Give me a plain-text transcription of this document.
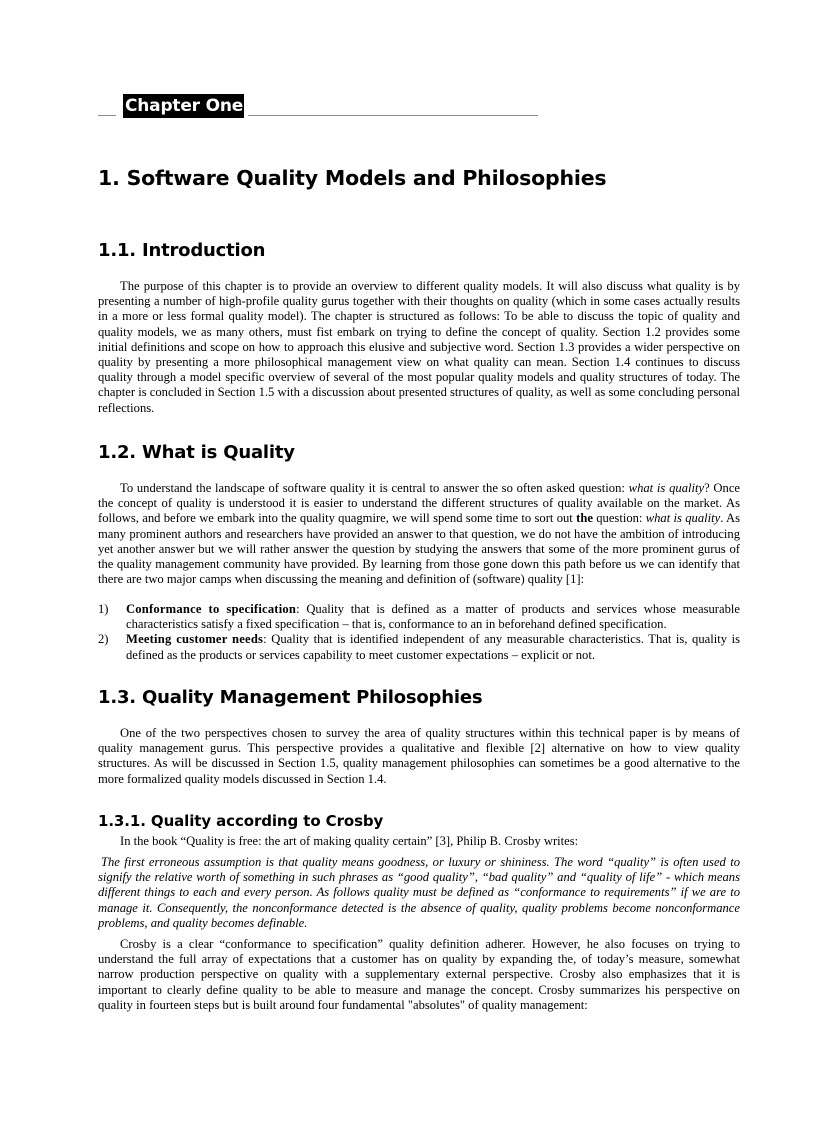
Chapter One
1. Software Quality Models and Philosophies
1.1. Introduction

The purpose of this chapter is to provide an overview to different quality models. It will also discuss what quality is by presenting a number of high-profile quality gurus together with their thoughts on quality (which in some cases actually results in a more or less formal quality model). The chapter is structured as follows: To be able to discuss the topic of quality and quality models, we as many others, must fist embark on trying to define the concept of quality. Section 1.2 provides some initial definitions and scope on how to approach this elusive and subjective word. Section 1.3 provides a wider perspective on quality by presenting a more philosophical management view on what quality can mean. Section 1.4 continues to discuss quality through a model specific overview of several of the most popular quality models and quality structures of today. The chapter is concluded in Section 1.5 with a discussion about presented structures of quality, as well as some concluding personal reflections.

1.2. What is Quality

To understand the landscape of software quality it is central to answer the so often asked question: what is quality? Once the concept of quality is understood it is easier to understand the different structures of quality available on the market. As follows, and before we embark into the quality quagmire, we will spend some time to sort out the question: what is quality. As many prominent authors and researchers have provided an answer to that question, we do not have the ambition of introducing yet another answer but we will rather answer the question by studying the answers that some of the more prominent gurus of the quality management community have provided. By learning from those gone down this path before us we can identify that there are two major camps when discussing the meaning and definition of (software) quality [1]:

1) Conformance to specification: Quality that is defined as a matter of products and services whose measurable characteristics satisfy a fixed specification – that is, conformance to an in beforehand defined specification.
2) Meeting customer needs: Quality that is identified independent of any measurable characteristics. That is, quality is defined as the products or services capability to meet customer expectations – explicit or not.
1.3. Quality Management Philosophies

One of the two perspectives chosen to survey the area of quality structures within this technical paper is by means of quality management gurus. This perspective provides a qualitative and flexible [2] alternative on how to view quality structures. As will be discussed in Section 1.5, quality management philosophies can sometimes be a good alternative to the more formalized quality models discussed in Section 1.4.

1.3.1. Quality according to Crosby

In the book “Quality is free: the art of making quality certain” [3], Philip B. Crosby writes:

The first erroneous assumption is that quality means goodness, or luxury or shininess. The word “quality” is often used to signify the relative worth of something in such phrases as “good quality”, “bad quality” and “quality of life” - which means different things to each and every person. As follows quality must be defined as “conformance to requirements” if we are to manage it. Consequently, the nonconformance detected is the absence of quality, quality problems become nonconformance problems, and quality becomes definable.

Crosby is a clear “conformance to specification” quality definition adherer. However, he also focuses on trying to understand the full array of expectations that a customer has on quality by expanding the, of today’s measure, somewhat narrow production perspective on quality with a supplementary external perspective. Crosby also emphasizes that it is important to clearly define quality to be able to measure and manage the concept. Crosby summarizes his perspective on quality in fourteen steps but is built around four fundamental "absolutes" of quality management:
